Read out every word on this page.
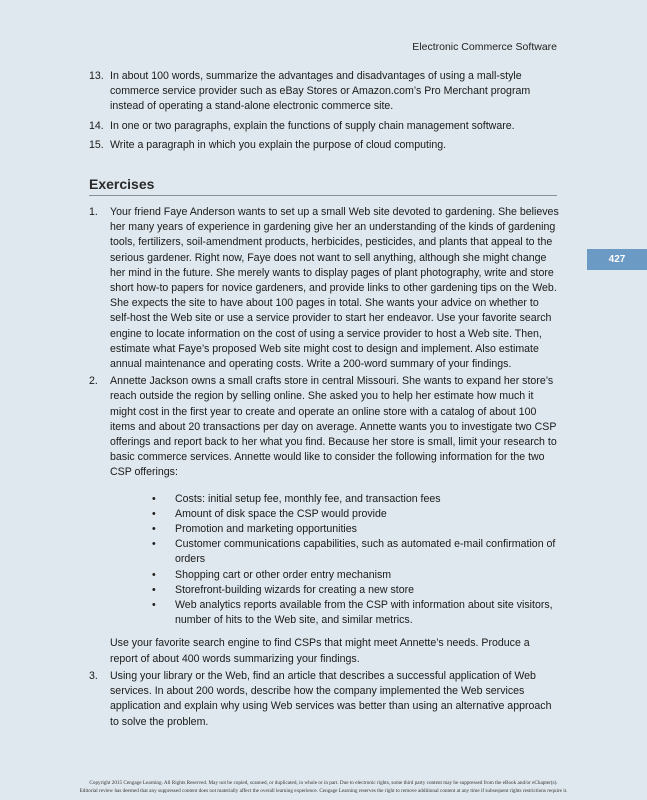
Electronic Commerce Software
13. In about 100 words, summarize the advantages and disadvantages of using a mall-style commerce service provider such as eBay Stores or Amazon.com’s Pro Merchant program instead of operating a stand-alone electronic commerce site.
14. In one or two paragraphs, explain the functions of supply chain management software.
15. Write a paragraph in which you explain the purpose of cloud computing.
Exercises
1. Your friend Faye Anderson wants to set up a small Web site devoted to gardening. She believes her many years of experience in gardening give her an understanding of the kinds of gardening tools, fertilizers, soil-amendment products, herbicides, pesticides, and plants that appeal to the serious gardener. Right now, Faye does not want to sell anything, although she might change her mind in the future. She merely wants to display pages of plant photography, write and store short how-to papers for novice gardeners, and provide links to other gardening tips on the Web. She expects the site to have about 100 pages in total. She wants your advice on whether to self-host the Web site or use a service provider to start her endeavor. Use your favorite search engine to locate information on the cost of using a service provider to host a Web site. Then, estimate what Faye’s proposed Web site might cost to design and implement. Also estimate annual maintenance and operating costs. Write a 200-word summary of your findings.
2. Annette Jackson owns a small crafts store in central Missouri. She wants to expand her store’s reach outside the region by selling online. She asked you to help her estimate how much it might cost in the first year to create and operate an online store with a catalog of about 100 items and about 20 transactions per day on average. Annette wants you to investigate two CSP offerings and report back to her what you find. Because her store is small, limit your research to basic commerce services. Annette would like to consider the following information for the two CSP offerings:
• Costs: initial setup fee, monthly fee, and transaction fees
• Amount of disk space the CSP would provide
• Promotion and marketing opportunities
• Customer communications capabilities, such as automated e-mail confirmation of orders
• Shopping cart or other order entry mechanism
• Storefront-building wizards for creating a new store
• Web analytics reports available from the CSP with information about site visitors, number of hits to the Web site, and similar metrics.
Use your favorite search engine to find CSPs that might meet Annette’s needs. Produce a report of about 400 words summarizing your findings.
3. Using your library or the Web, find an article that describes a successful application of Web services. In about 200 words, describe how the company implemented the Web services application and explain why using Web services was better than using an alternative approach to solve the problem.
427
Copyright 2015 Cengage Learning. All Rights Reserved. May not be copied, scanned, or duplicated, in whole or in part. Due to electronic rights, some third party content may be suppressed from the eBook and/or eChapter(s).
Editorial review has deemed that any suppressed content does not materially affect the overall learning experience. Cengage Learning reserves the right to remove additional content at any time if subsequent rights restrictions require it.
